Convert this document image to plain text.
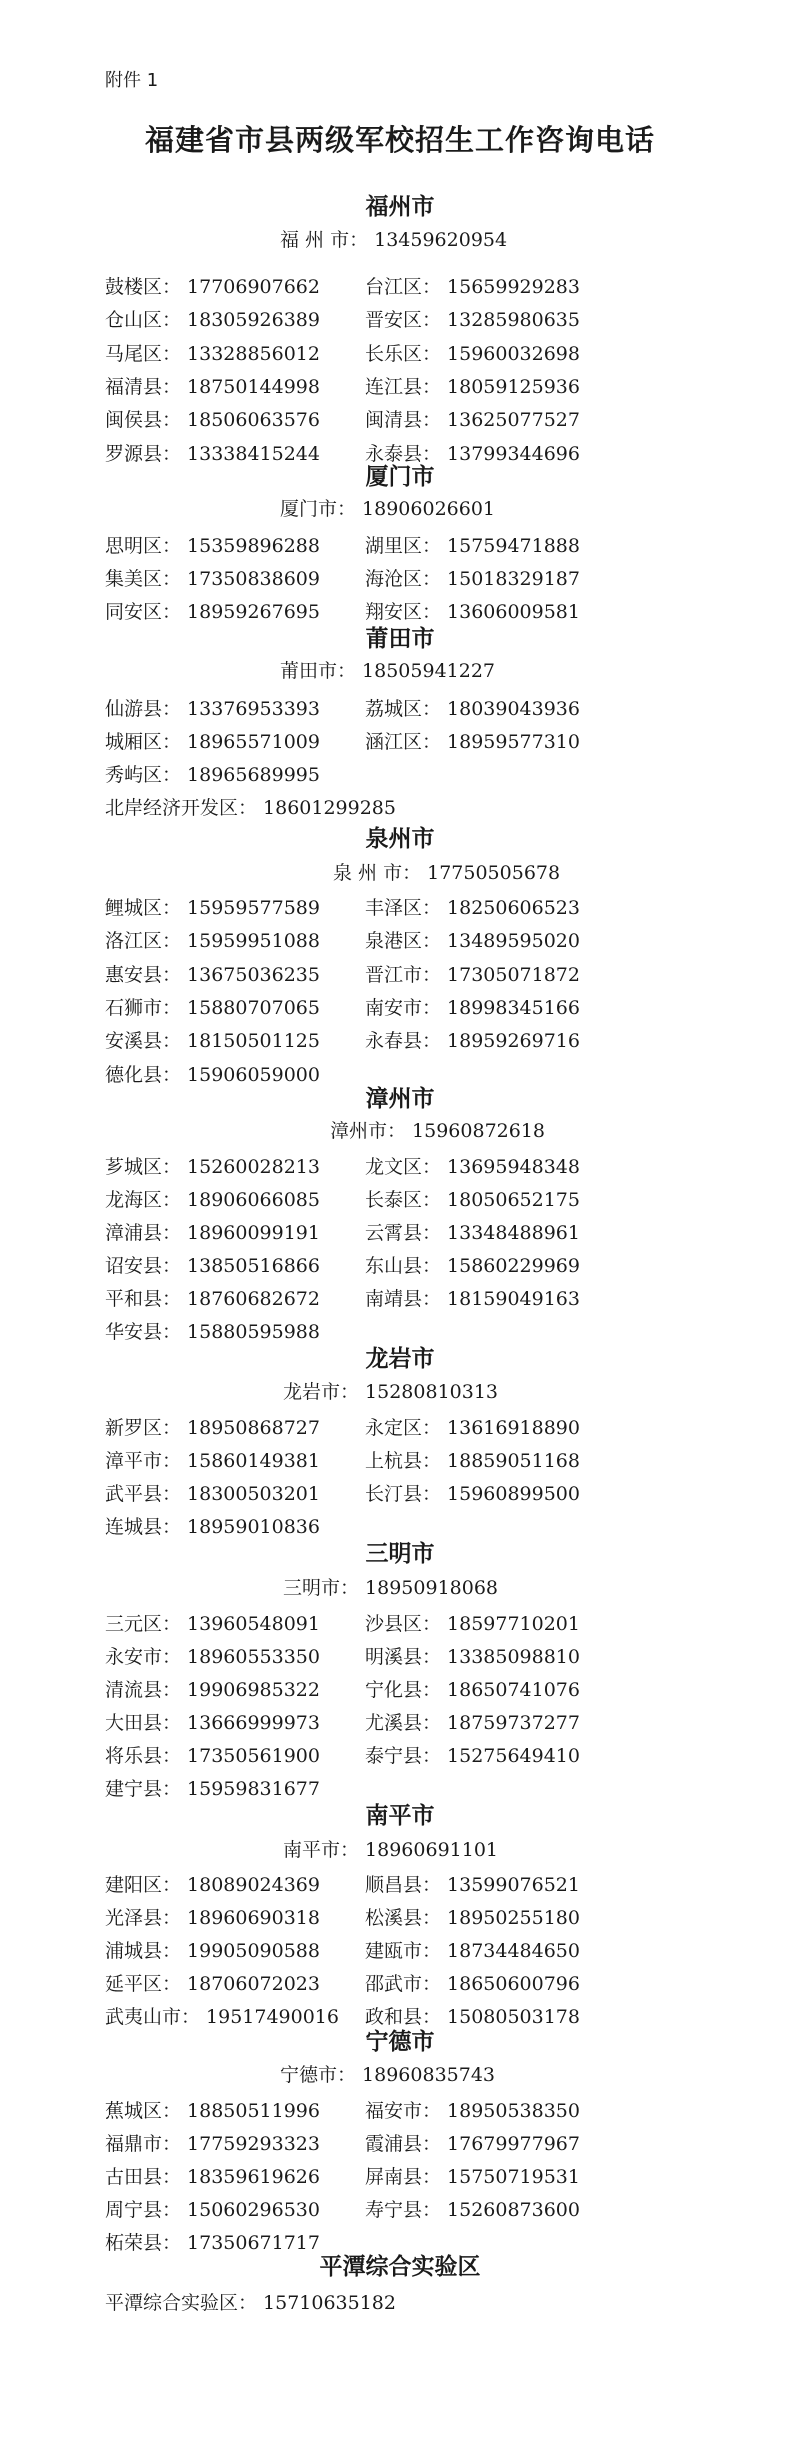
附件 1
福建省市县两级军校招生工作咨询电话
福州市
福 州 市： 13459620954
鼓楼区： 17706907662 台江区： 15659929283
仓山区： 18305926389 晋安区： 13285980635
马尾区： 13328856012 长乐区： 15960032698
福清县： 18750144998 连江县： 18059125936
闽侯县： 18506063576 闽清县： 13625077527
罗源县： 13338415244 永泰县： 13799344696
厦门市
厦门市： 18906026601
思明区： 15359896288 湖里区： 15759471888
集美区： 17350838609 海沧区： 15018329187
同安区： 18959267695 翔安区： 13606009581
莆田市
莆田市： 18505941227
仙游县： 13376953393 荔城区： 18039043936
城厢区： 18965571009 涵江区： 18959577310
秀屿区： 18965689995
北岸经济开发区： 18601299285
泉州市
泉 州 市： 17750505678
鲤城区： 15959577589 丰泽区： 18250606523
洛江区： 15959951088 泉港区： 13489595020
惠安县： 13675036235 晋江市： 17305071872
石狮市： 15880707065 南安市： 18998345166
安溪县： 18150501125 永春县： 18959269716
德化县： 15906059000
漳州市
漳州市： 15960872618
芗城区： 15260028213 龙文区： 13695948348
龙海区： 18906066085 长泰区： 18050652175
漳浦县： 18960099191 云霄县： 13348488961
诏安县： 13850516866 东山县： 15860229969
平和县： 18760682672 南靖县： 18159049163
华安县： 15880595988
龙岩市
龙岩市： 15280810313
新罗区： 18950868727 永定区： 13616918890
漳平市： 15860149381 上杭县： 18859051168
武平县： 18300503201 长汀县： 15960899500
连城县： 18959010836
三明市
三明市： 18950918068
三元区： 13960548091 沙县区： 18597710201
永安市： 18960553350 明溪县： 13385098810
清流县： 19906985322 宁化县： 18650741076
大田县： 13666999973 尤溪县： 18759737277
将乐县： 17350561900 泰宁县： 15275649410
建宁县： 15959831677
南平市
南平市： 18960691101
建阳区： 18089024369 顺昌县： 13599076521
光泽县： 18960690318 松溪县： 18950255180
浦城县： 19905090588 建瓯市： 18734484650
延平区： 18706072023 邵武市： 18650600796
武夷山市： 19517490016 政和县： 15080503178
宁德市
宁德市： 18960835743
蕉城区： 18850511996 福安市： 18950538350
福鼎市： 17759293323 霞浦县： 17679977967
古田县： 18359619626 屏南县： 15750719531
周宁县： 15060296530 寿宁县： 15260873600
柘荣县： 17350671717
平潭综合实验区
平潭综合实验区： 15710635182
